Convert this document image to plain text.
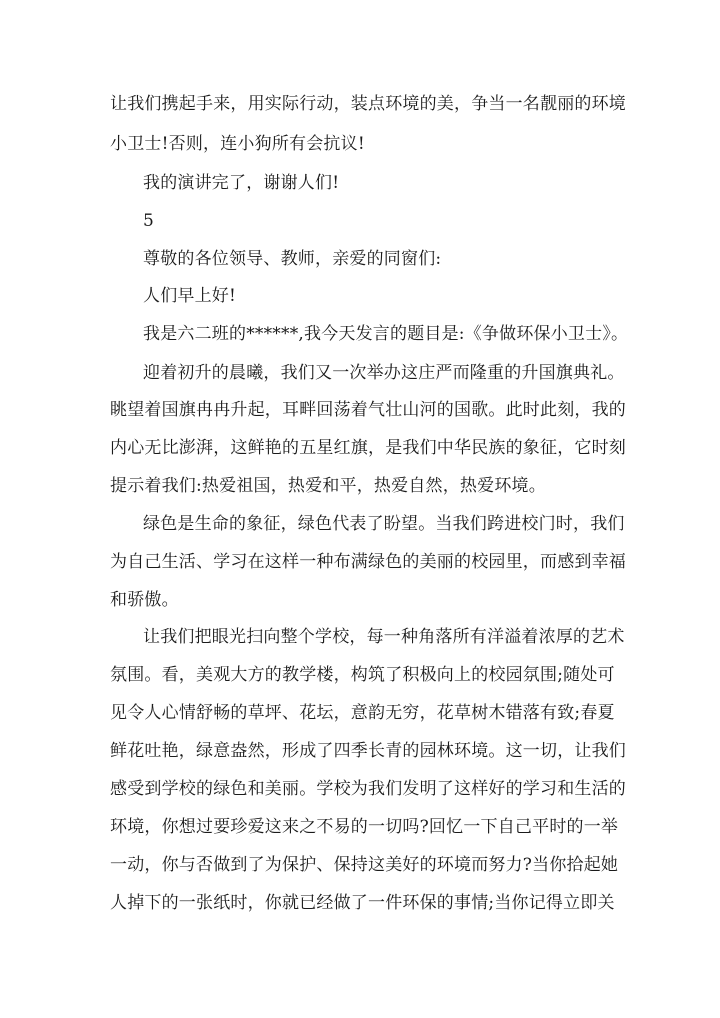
让我们携起手来，用实际行动，装点环境的美，争当一名靓丽的环境
小卫士!否则，连小狗所有会抗议!
我的演讲完了，谢谢人们!
5
尊敬的各位领导、教师，亲爱的同窗们:
人们早上好!
我是六二班的******,我今天发言的题目是:《争做环保小卫士》。
迎着初升的晨曦，我们又一次举办这庄严而隆重的升国旗典礼。
眺望着国旗冉冉升起，耳畔回荡着气壮山河的国歌。此时此刻，我的
内心无比澎湃，这鲜艳的五星红旗，是我们中华民族的象征，它时刻
提示着我们:热爱祖国，热爱和平，热爱自然，热爱环境。
绿色是生命的象征，绿色代表了盼望。当我们跨进校门时，我们
为自己生活、学习在这样一种布满绿色的美丽的校园里，而感到幸福
和骄傲。
让我们把眼光扫向整个学校，每一种角落所有洋溢着浓厚的艺术
氛围。看，美观大方的教学楼，构筑了积极向上的校园氛围;随处可
见令人心情舒畅的草坪、花坛，意韵无穷，花草树木错落有致;春夏
鲜花吐艳，绿意盎然，形成了四季长青的园林环境。这一切，让我们
感受到学校的绿色和美丽。学校为我们发明了这样好的学习和生活的
环境，你想过要珍爱这来之不易的一切吗?回忆一下自己平时的一举
一动，你与否做到了为保护、保持这美好的环境而努力?当你拾起她
人掉下的一张纸时，你就已经做了一件环保的事情;当你记得立即关
